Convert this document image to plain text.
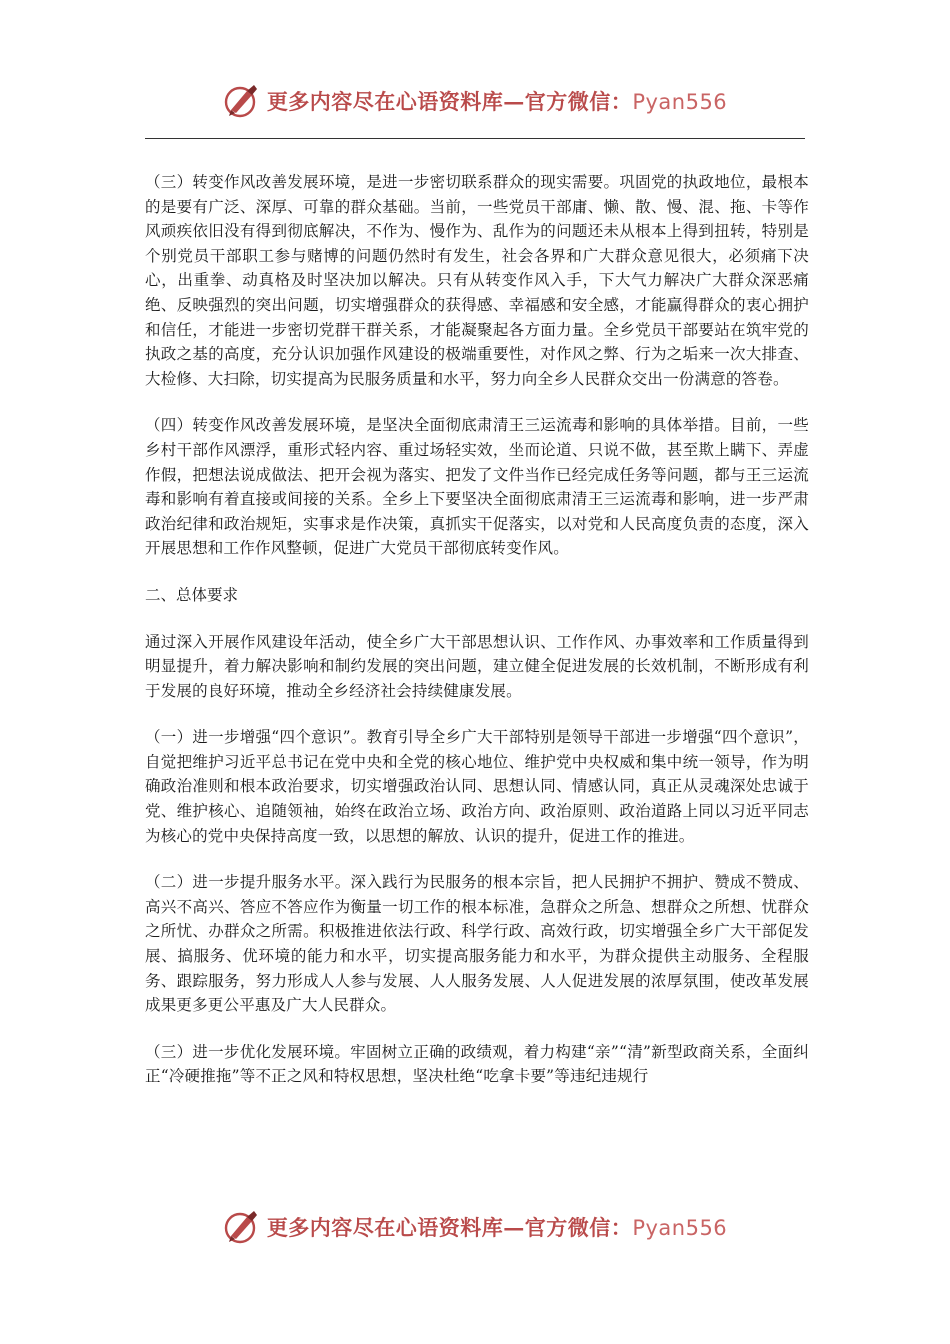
更多内容尽在心语资料库—官方微信：Pyan556

（三）转变作风改善发展环境，是进一步密切联系群众的现实需要。巩固党的执政地位，最根本的是要有广泛、深厚、可靠的群众基础。当前，一些党员干部庸、懒、散、慢、混、拖、卡等作风顽疾依旧没有得到彻底解决，不作为、慢作为、乱作为的问题还未从根本上得到扭转，特别是个别党员干部职工参与赌博的问题仍然时有发生，社会各界和广大群众意见很大，必须痛下决心，出重拳、动真格及时坚决加以解决。只有从转变作风入手，下大气力解决广大群众深恶痛绝、反映强烈的突出问题，切实增强群众的获得感、幸福感和安全感，才能赢得群众的衷心拥护和信任，才能进一步密切党群干群关系，才能凝聚起各方面力量。全乡党员干部要站在筑牢党的执政之基的高度，充分认识加强作风建设的极端重要性，对作风之弊、行为之垢来一次大排查、大检修、大扫除，切实提高为民服务质量和水平，努力向全乡人民群众交出一份满意的答卷。

（四）转变作风改善发展环境，是坚决全面彻底肃清王三运流毒和影响的具体举措。目前，一些乡村干部作风漂浮，重形式轻内容、重过场轻实效，坐而论道、只说不做，甚至欺上瞒下、弄虚作假，把想法说成做法、把开会视为落实、把发了文件当作已经完成任务等问题，都与王三运流毒和影响有着直接或间接的关系。全乡上下要坚决全面彻底肃清王三运流毒和影响，进一步严肃政治纪律和政治规矩，实事求是作决策，真抓实干促落实，以对党和人民高度负责的态度，深入开展思想和工作作风整顿，促进广大党员干部彻底转变作风。

二、总体要求

通过深入开展作风建设年活动，使全乡广大干部思想认识、工作作风、办事效率和工作质量得到明显提升，着力解决影响和制约发展的突出问题，建立健全促进发展的长效机制，不断形成有利于发展的良好环境，推动全乡经济社会持续健康发展。

（一）进一步增强“四个意识”。教育引导全乡广大干部特别是领导干部进一步增强“四个意识”，自觉把维护习近平总书记在党中央和全党的核心地位、维护党中央权威和集中统一领导，作为明确政治准则和根本政治要求，切实增强政治认同、思想认同、情感认同，真正从灵魂深处忠诚于党、维护核心、追随领袖，始终在政治立场、政治方向、政治原则、政治道路上同以习近平同志为核心的党中央保持高度一致，以思想的解放、认识的提升，促进工作的推进。

（二）进一步提升服务水平。深入践行为民服务的根本宗旨，把人民拥护不拥护、赞成不赞成、高兴不高兴、答应不答应作为衡量一切工作的根本标准，急群众之所急、想群众之所想、忧群众之所忧、办群众之所需。积极推进依法行政、科学行政、高效行政，切实增强全乡广大干部促发展、搞服务、优环境的能力和水平，切实提高服务能力和水平，为群众提供主动服务、全程服务、跟踪服务，努力形成人人参与发展、人人服务发展、人人促进发展的浓厚氛围，使改革发展成果更多更公平惠及广大人民群众。

（三）进一步优化发展环境。牢固树立正确的政绩观，着力构建“亲”“清”新型政商关系，全面纠正“冷硬推拖”等不正之风和特权思想，坚决杜绝“吃拿卡要”等违纪违规行

更多内容尽在心语资料库—官方微信：Pyan556
